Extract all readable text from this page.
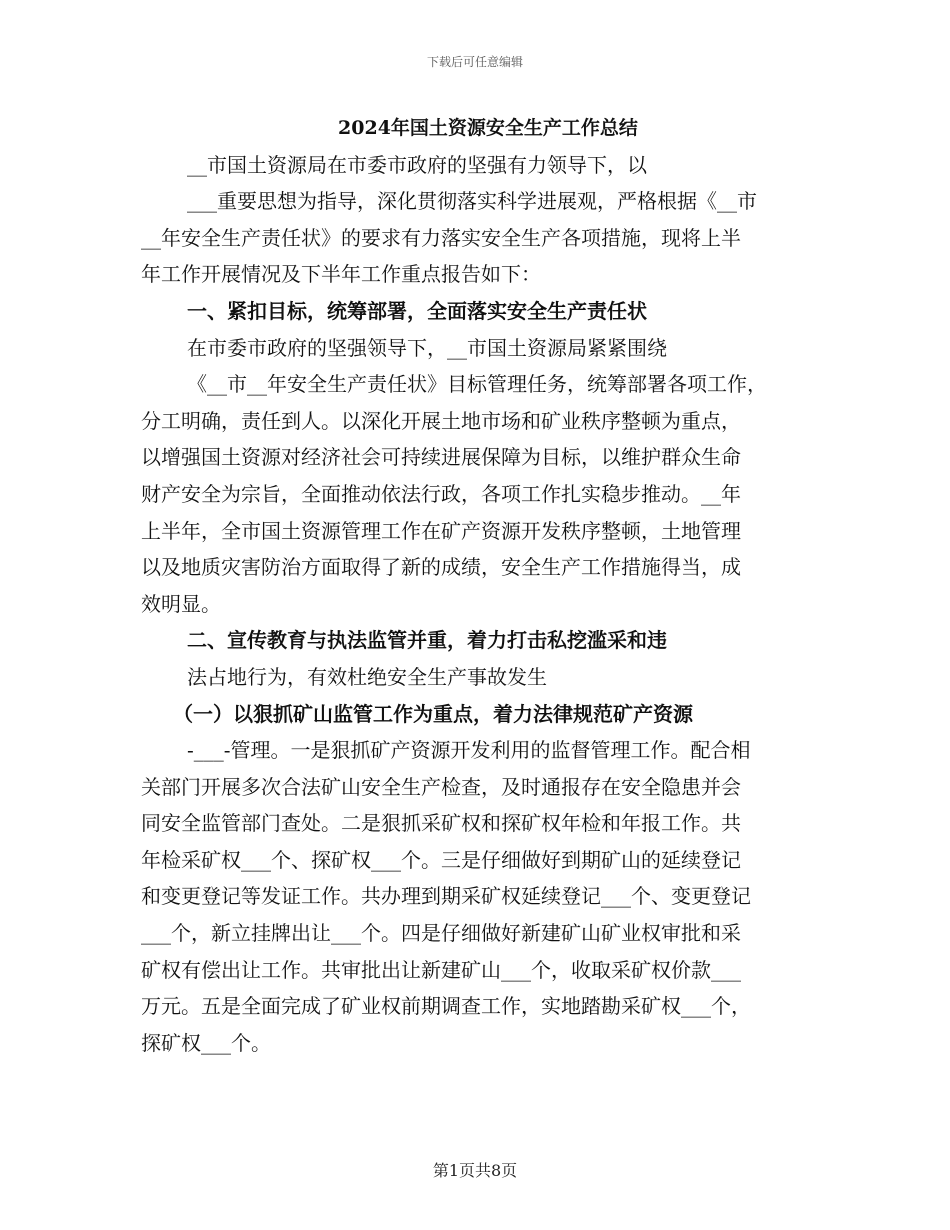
下载后可任意编辑
2024年国土资源安全生产工作总结
__市国土资源局在市委市政府的坚强有力领导下，以
___重要思想为指导，深化贯彻落实科学进展观，严格根据《__市
__年安全生产责任状》的要求有力落实安全生产各项措施，现将上半
年工作开展情况及下半年工作重点报告如下：
一、紧扣目标，统筹部署，全面落实安全生产责任状
在市委市政府的坚强领导下，__市国土资源局紧紧围绕
《__市__年安全生产责任状》目标管理任务，统筹部署各项工作，
分工明确，责任到人。以深化开展土地市场和矿业秩序整顿为重点，
以增强国土资源对经济社会可持续进展保障为目标，以维护群众生命
财产安全为宗旨，全面推动依法行政，各项工作扎实稳步推动。__年
上半年，全市国土资源管理工作在矿产资源开发秩序整顿，土地管理
以及地质灾害防治方面取得了新的成绩，安全生产工作措施得当，成
效明显。
二、宣传教育与执法监管并重，着力打击私挖滥采和违
法占地行为，有效杜绝安全生产事故发生
（一）以狠抓矿山监管工作为重点，着力法律规范矿产资源
-___-管理。一是狠抓矿产资源开发利用的监督管理工作。配合相
关部门开展多次合法矿山安全生产检查，及时通报存在安全隐患并会
同安全监管部门查处。二是狠抓采矿权和探矿权年检和年报工作。共
年检采矿权___个、探矿权___个。三是仔细做好到期矿山的延续登记
和变更登记等发证工作。共办理到期采矿权延续登记___个、变更登记
___个，新立挂牌出让___个。四是仔细做好新建矿山矿业权审批和采
矿权有偿出让工作。共审批出让新建矿山___个，收取采矿权价款___
万元。五是全面完成了矿业权前期调查工作，实地踏勘采矿权___个，
探矿权___个。
第1页共8页
